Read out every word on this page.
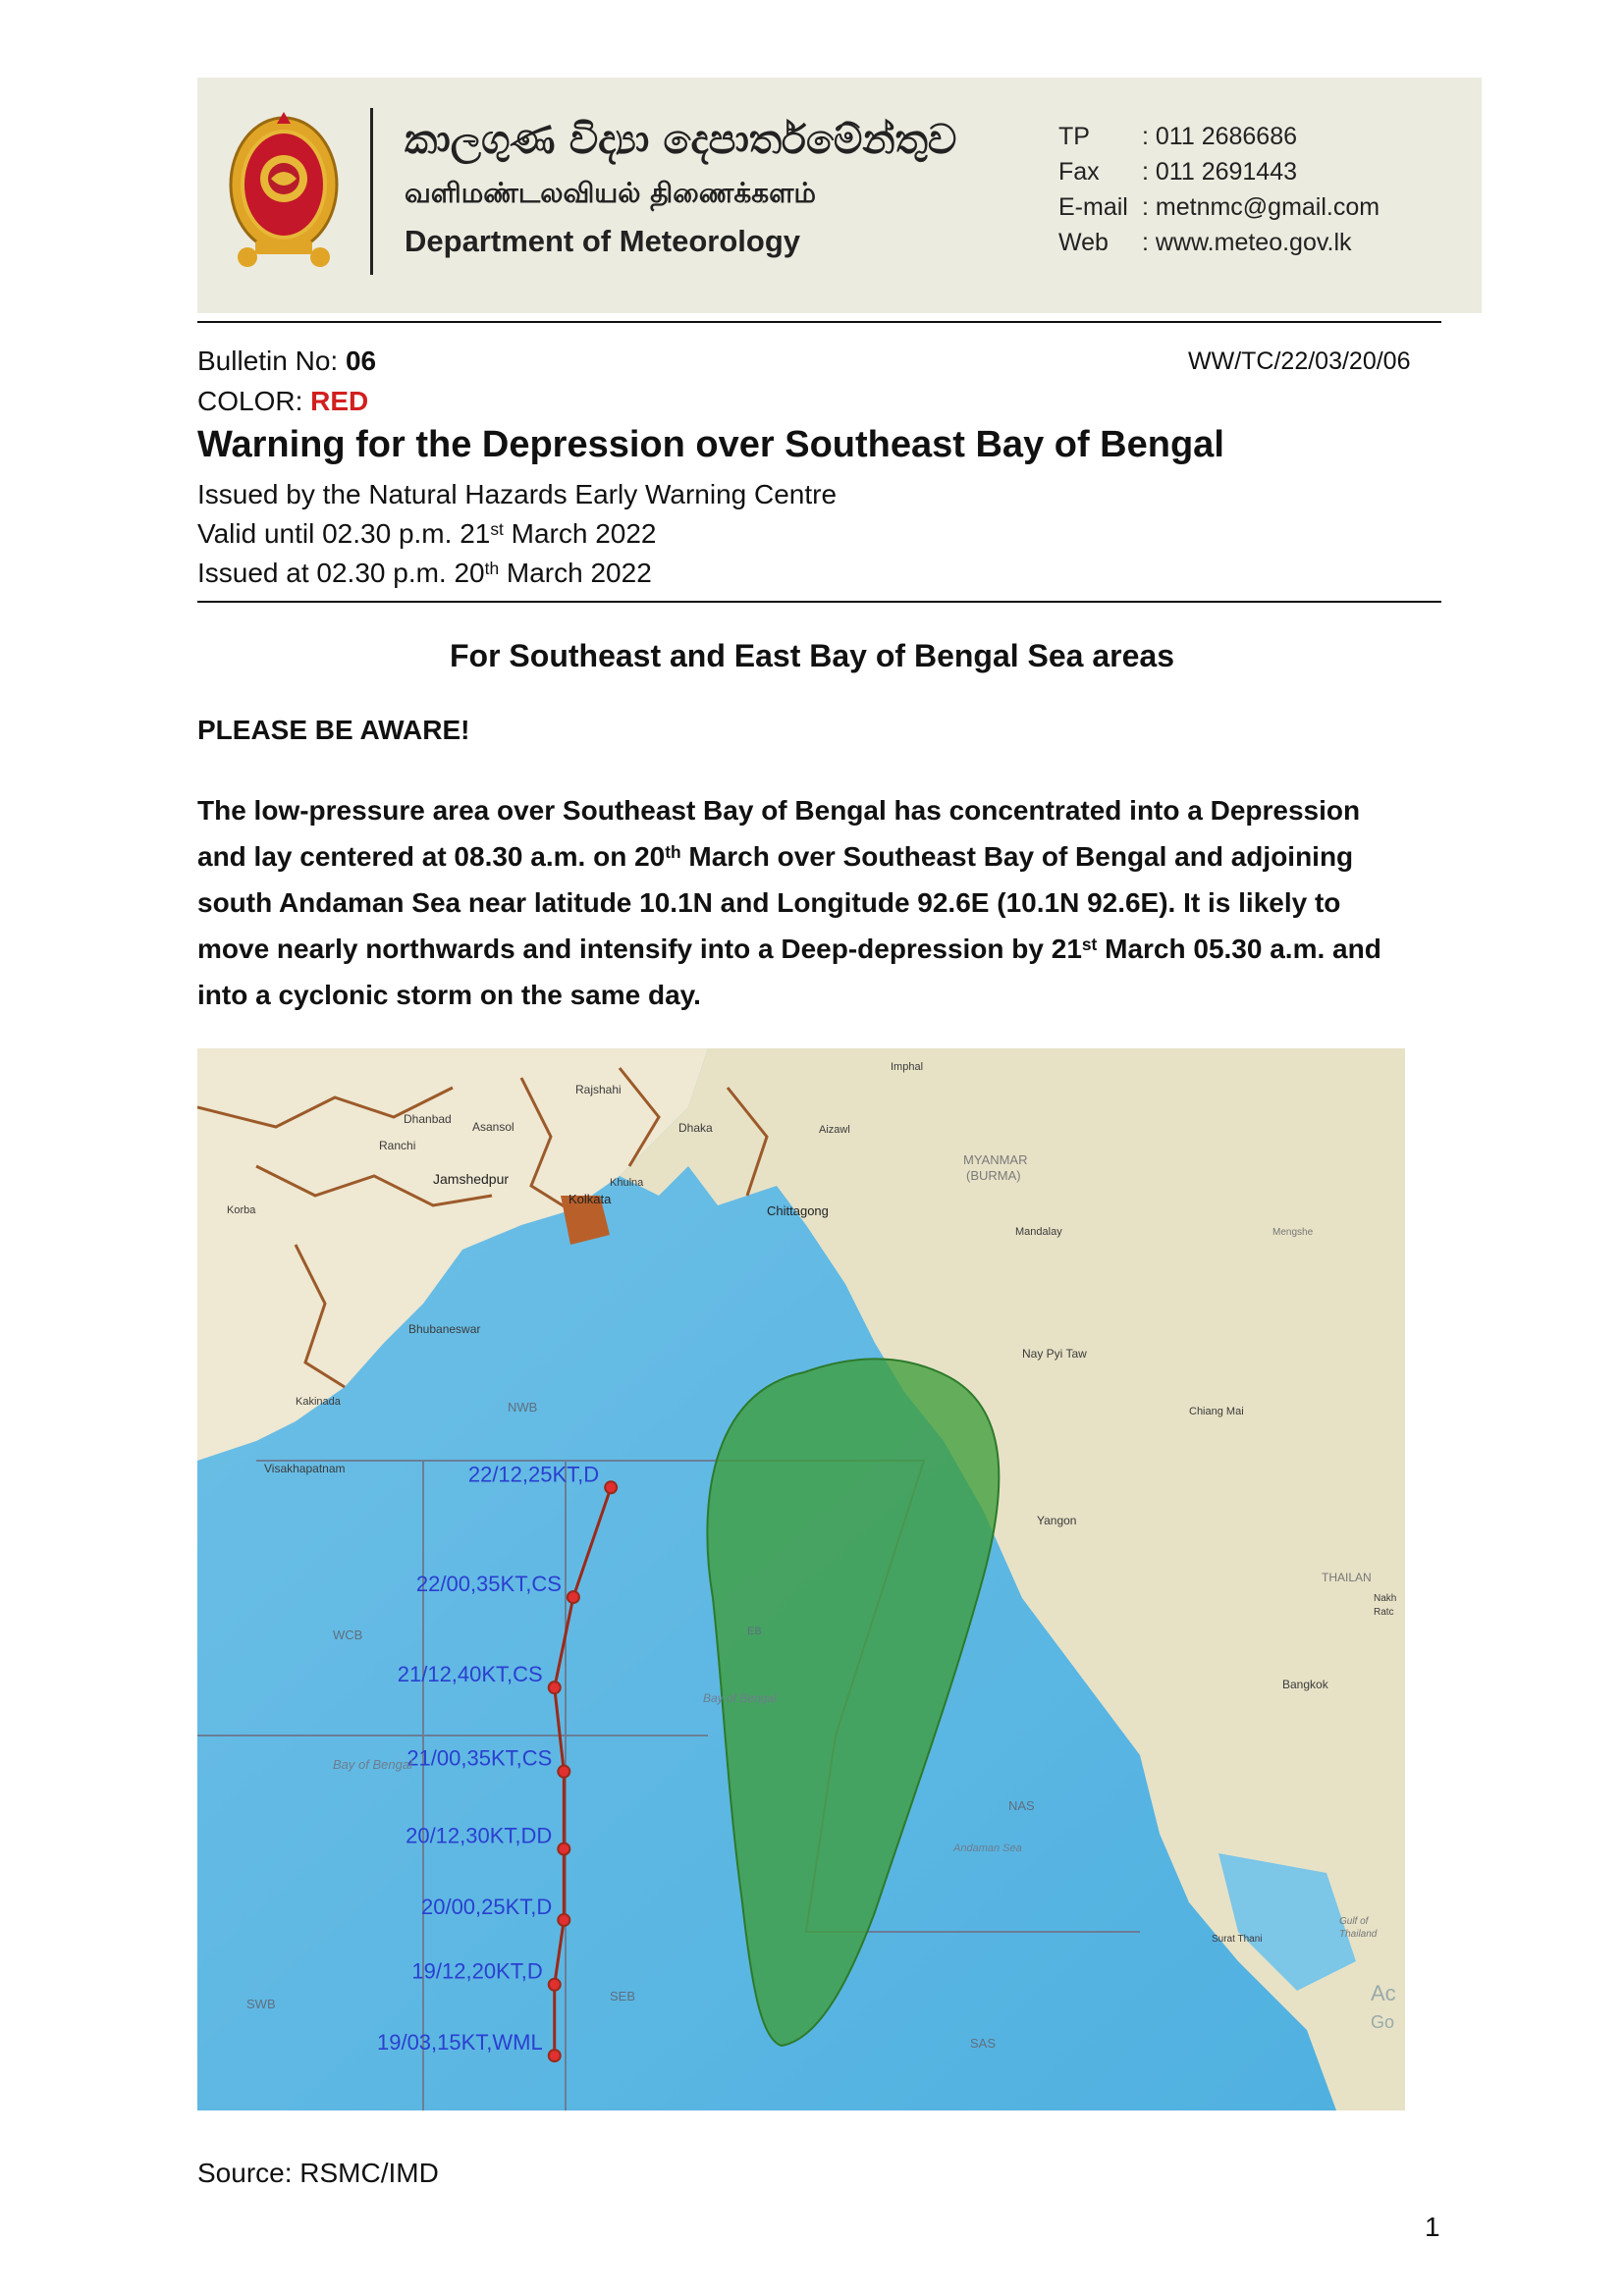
කාලගුණ විද්‍යා දෙපාර්තමේන්තුව
வளிமண்டலவியல் திணைக்களம்
Department of Meteorology
TP : 011 2686686
Fax : 011 2691443
E-mail : metnmc@gmail.com
Web : www.meteo.gov.lk
Bulletin No: 06	WW/TC/22/03/20/06
COLOR: RED
Warning for the Depression over Southeast Bay of Bengal
Issued by the Natural Hazards Early Warning Centre
Valid until 02.30 p.m. 21st March 2022
Issued at 02.30 p.m. 20th March 2022
For Southeast and East Bay of Bengal Sea areas
PLEASE BE AWARE!
The low-pressure area over Southeast Bay of Bengal has concentrated into a Depression
and lay centered at 08.30 a.m. on 20th March over Southeast Bay of Bengal and adjoining
south Andaman Sea near latitude 10.1N and Longitude 92.6E (10.1N 92.6E). It is likely to
move nearly northwards and intensify into a Deep-depression by 21st March 05.30 a.m. and
into a cyclonic storm on the same day.
22/12,25KT,D
22/00,35KT,CS
21/12,40KT,CS
21/00,35KT,CS
20/12,30KT,DD
20/00,25KT,D
19/12,20KT,D
19/03,15KT,WML
Rajshahi
Dhanbad
Asansol
Ranchi
Dhaka
Imphal
Aizawl
Jamshedpur	Khulna
Kolkata
Korba	Chittagong
MYANMAR
(BURMA)
Mandalay	Mengshe
Bhubaneswar
Nay Pyi Taw
Kakinada
Chiang Mai
Visakhapatnam
Yangon
THAILAN
Nakh
Ratc
Bangkok
Bay of Bengal
Bay of Bengal
Andaman Sea
Surat Thani
Gulf of
Thailand
Ac
Go
NWB
WCB
SWB
SEB
NAS
SAS
EB
Source: RSMC/IMD
1
